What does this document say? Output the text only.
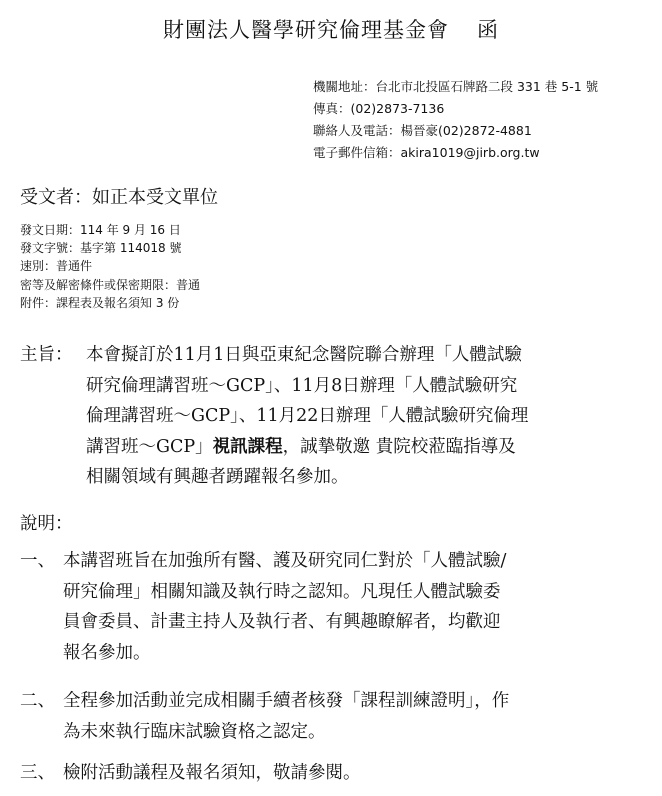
財團法人醫學研究倫理基金會 函
機關地址：台北市北投區石牌路二段 331 巷 5-1 號
傳真：(02)2873-7136
聯絡人及電話：楊晉豪(02)2872-4881
電子郵件信箱：akira1019@jirb.org.tw
受文者：如正本受文單位
發文日期：114 年 9 月 16 日
發文字號：基字第 114018 號
速別：普通件
密等及解密條件或保密期限：普通
附件：課程表及報名須知 3 份
主旨： 本會擬訂於11月1日與亞東紀念醫院聯合辦理「人體試驗
研究倫理講習班～GCP」、11月8日辦理「人體試驗研究
倫理講習班～GCP」、11月22日辦理「人體試驗研究倫理
講習班～GCP」視訊課程，誠摯敬邀 貴院校蒞臨指導及
相關領域有興趣者踴躍報名參加。
說明：
一、 本講習班旨在加強所有醫、護及研究同仁對於「人體試驗/
研究倫理」相關知識及執行時之認知。凡現任人體試驗委
員會委員、計畫主持人及執行者、有興趣瞭解者，均歡迎
報名參加。
二、 全程參加活動並完成相關手續者核發「課程訓練證明」，作
為未來執行臨床試驗資格之認定。
三、 檢附活動議程及報名須知，敬請參閱。
